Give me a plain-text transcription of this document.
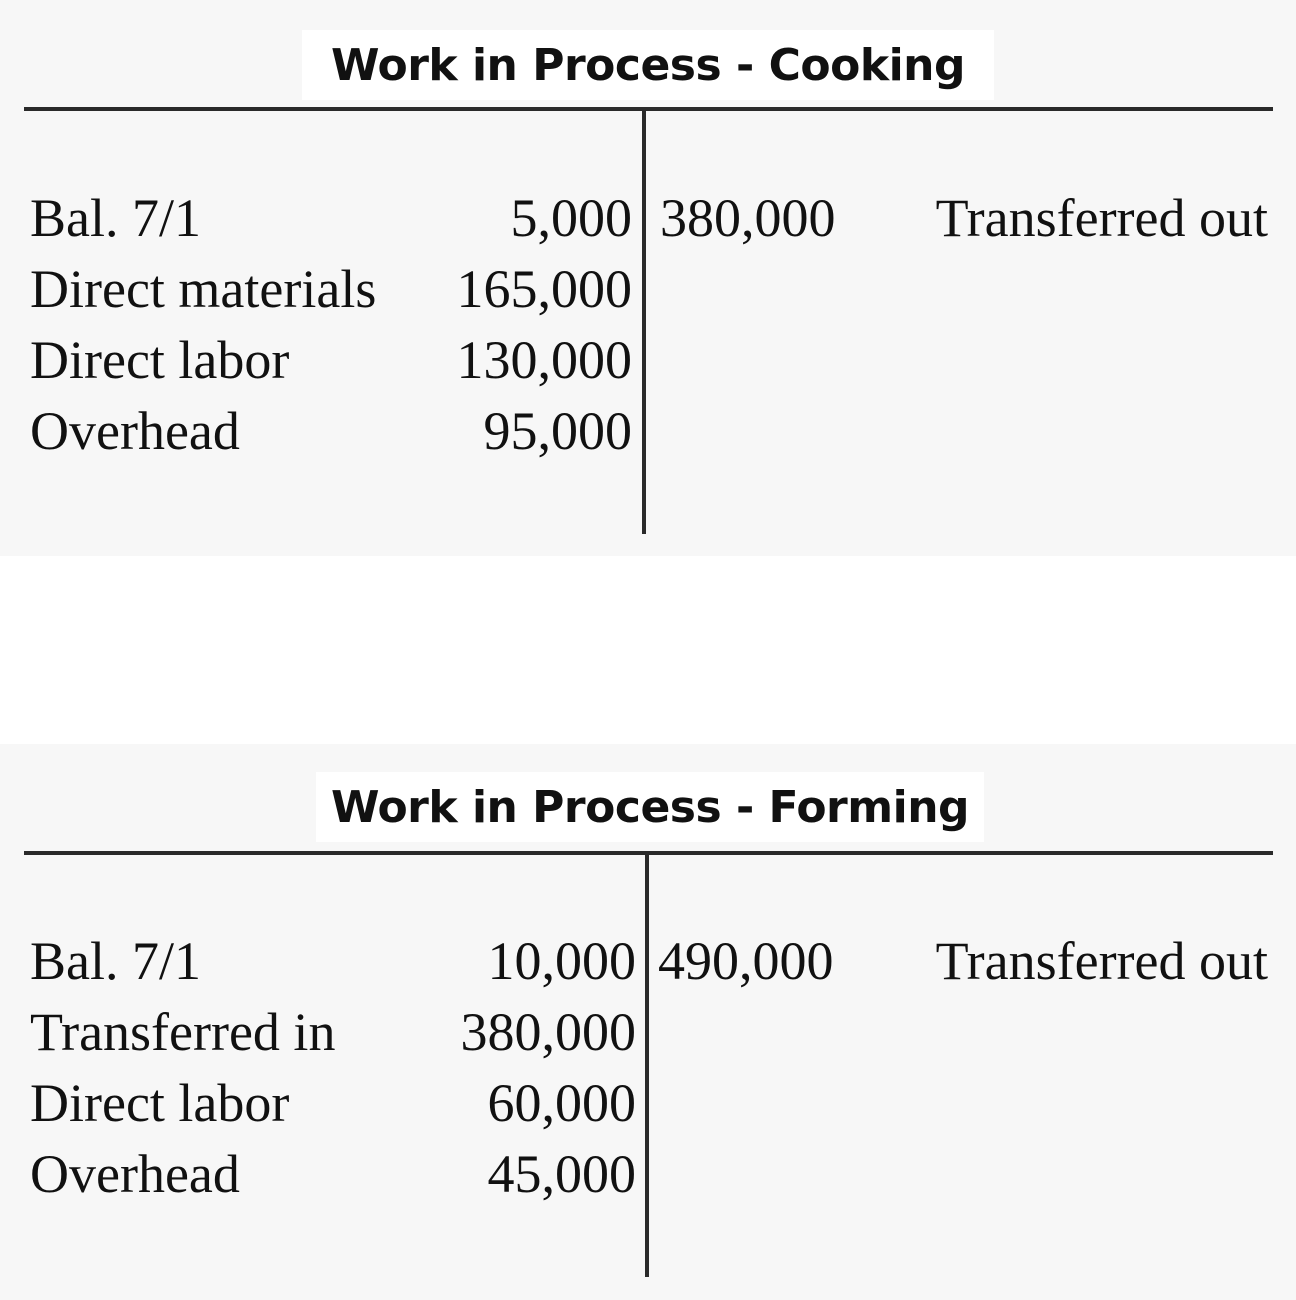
Work in Process - Cooking
Bal. 7/1	5,000 380,000 Transferred out
Direct materials 165,000
Direct labor	130,000
Overhead	95,000
Work in Process - Forming
Bal. 7/1	10,000 490,000 Transferred out
Transferred in 380,000
Direct labor	60,000
Overhead	45,000
